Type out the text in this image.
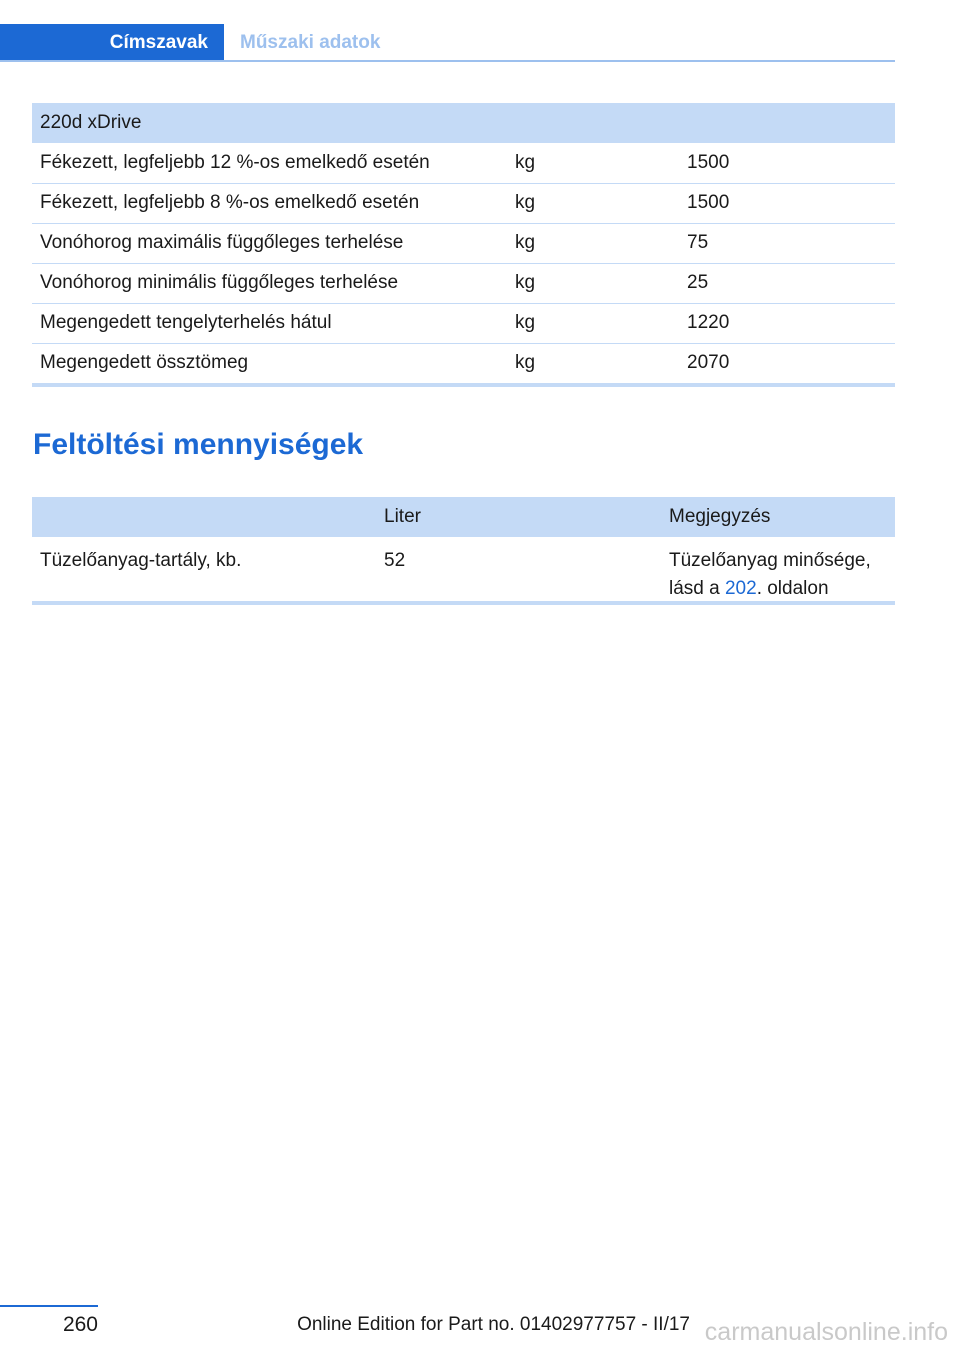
Címszavak Műszaki adatok
220d xDrive		
Fékezett, legfeljebb 12 %-os emelkedő esetén	kg	1500
Fékezett, legfeljebb 8 %-os emelkedő esetén	kg	1500
Vonóhorog maximális függőleges terhelése	kg	75
Vonóhorog minimális függőleges terhelése	kg	25
Megengedett tengelyterhelés hátul	kg	1220
Megengedett össztömeg	kg	2070
Feltöltési mennyiségek
	Liter	Megjegyzés
Tüzelőanyag-tartály, kb.	52	Tüzelőanyag minősége,
lásd a 202. oldalon
260	Online Edition for Part no. 01402977757 - II/17 carmanualsonline.info
